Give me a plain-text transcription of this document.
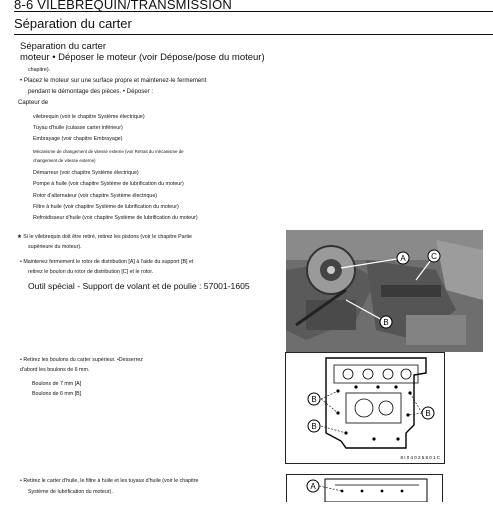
8-6 VILEBREQUIN/TRANSMISSION
Séparation du carter
Séparation du carter
moteur • Déposer le moteur (voir Dépose/pose du moteur)
chapitre).
• Placez le moteur sur une surface propre et maintenez-le fermement
pendant le démontage des pièces. • Déposer :
Capteur de
vilebrequin (voir le chapitre Système électrique)
Tuyau d'huile (culasse carter inférieur)
Embrayage (voir chapitre Embrayage)
Mécanisme de changement de vitesse externe (voir Retrait du mécanisme de
changement de vitesse externe)
Démarreur (voir chapitre Système électrique)
Pompe à huile (voir chapitre Système de lubrification du moteur)
Rotor d'alternateur (voir chapitre Système électrique)
Filtre à huile (voir chapitre Système de lubrification du moteur)
Refroidisseur d'huile (voir chapitre Système de lubrification du moteur)
★ Si le vilebrequin doit être retiré, retirez les pistons (voir le chapitre Partie
supérieure du moteur).
• Maintenez fermement le rotor de distribution [A] à l'aide du support [B] et
retirez le boulon du rotor de distribution [C] et le rotor.
Outil spécial - Support de volant et de poulie : 57001-1605
• Retirez les boulons du carter supérieur. •Desserrez
d'abord les boulons de 6 mm.
Boulons de 7 mm [A]
Boulons de 6 mm [B]
• Retirez le carter d'huile, le filtre à huile et les tuyaux d'huile (voir le chapitre
Système de lubrification du moteur).
A	C
B
B
B
B
8 I 0 4 0 2 5 8 0 1 C
A
